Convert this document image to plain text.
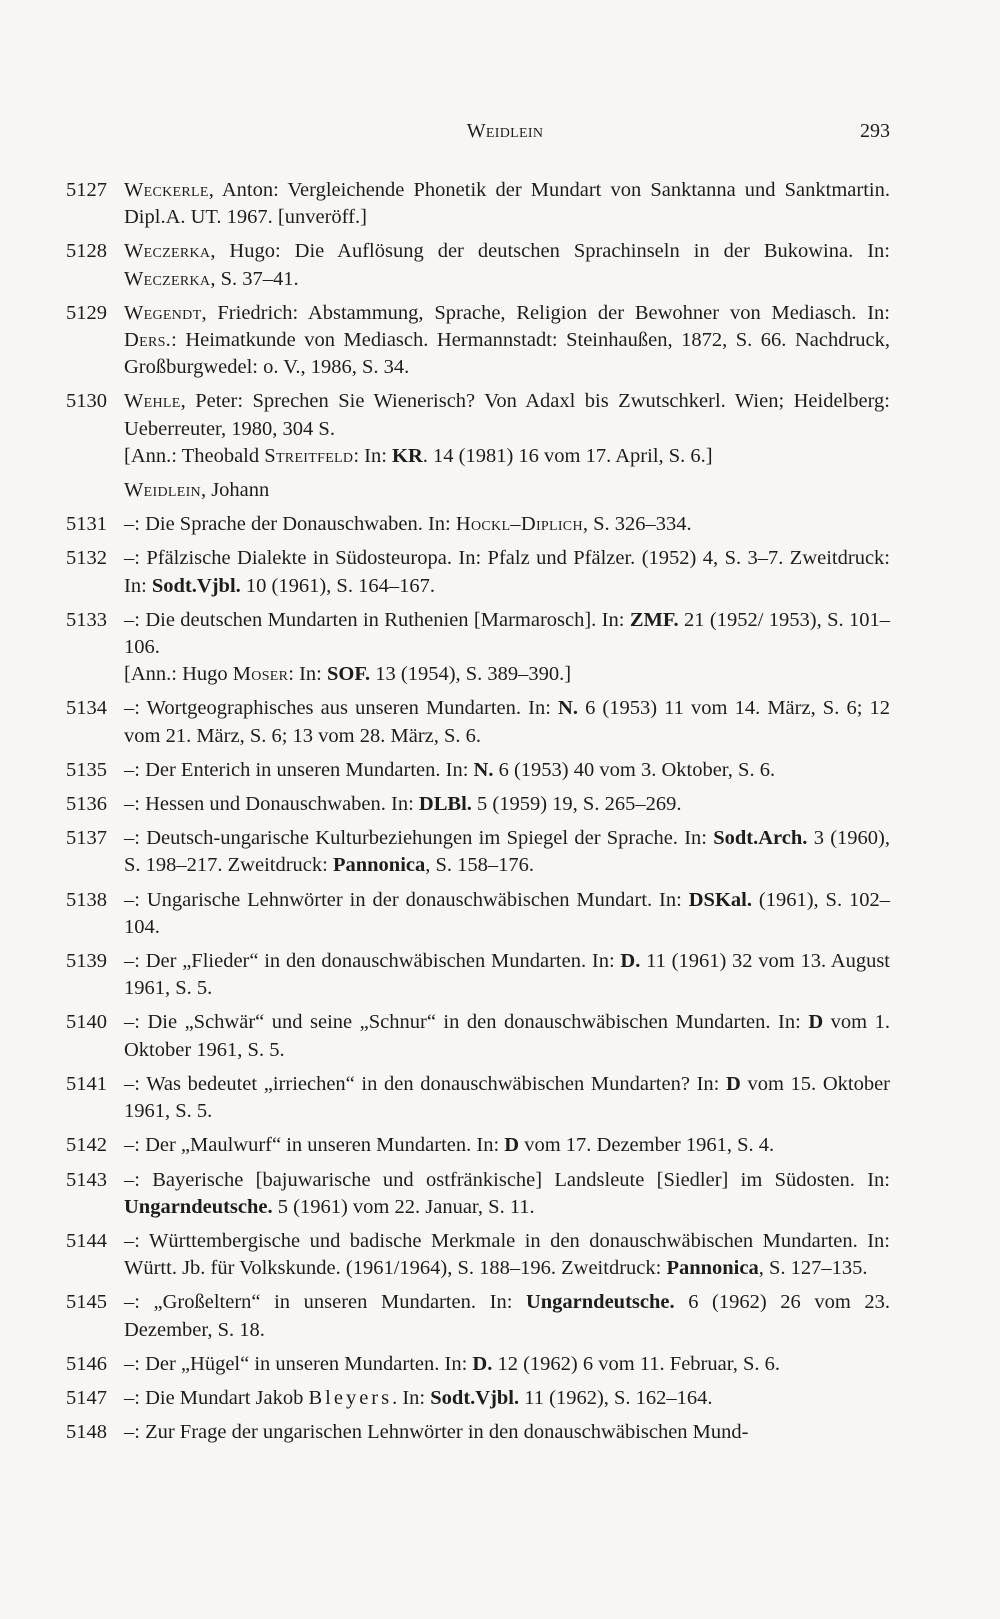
Weidlein	293
5127 Weckerle, Anton: Vergleichende Phonetik der Mundart von Sanktanna und Sanktmartin. Dipl.A. UT. 1967. [unveröff.]
5128 Weczerka, Hugo: Die Auflösung der deutschen Sprachinseln in der Bukowina. In: Weczerka, S. 37–41.
5129 Wegendt, Friedrich: Abstammung, Sprache, Religion der Bewohner von Mediasch. In: Ders.: Heimatkunde von Mediasch. Hermannstadt: Steinhaußen, 1872, S. 66. Nachdruck, Großburgwedel: o. V., 1986, S. 34.
5130 Wehle, Peter: Sprechen Sie Wienerisch? Von Adaxl bis Zwutschkerl. Wien; Heidelberg: Ueberreuter, 1980, 304 S.
[Ann.: Theobald Streitfeld: In: KR. 14 (1981) 16 vom 17. April, S. 6.]
Weidlein, Johann
5131 –: Die Sprache der Donauschwaben. In: Hockl–Diplich, S. 326–334.
5132 –: Pfälzische Dialekte in Südosteuropa. In: Pfalz und Pfälzer. (1952) 4, S. 3–7. Zweitdruck: In: Sodt.Vjbl. 10 (1961), S. 164–167.
5133 –: Die deutschen Mundarten in Ruthenien [Marmarosch]. In: ZMF. 21 (1952/ 1953), S. 101–106.
[Ann.: Hugo Moser: In: SOF. 13 (1954), S. 389–390.]
5134 –: Wortgeographisches aus unseren Mundarten. In: N. 6 (1953) 11 vom 14. März, S. 6; 12 vom 21. März, S. 6; 13 vom 28. März, S. 6.
5135 –: Der Enterich in unseren Mundarten. In: N. 6 (1953) 40 vom 3. Oktober, S. 6.
5136 –: Hessen und Donauschwaben. In: DLBl. 5 (1959) 19, S. 265–269.
5137 –: Deutsch-ungarische Kulturbeziehungen im Spiegel der Sprache. In: Sodt.Arch. 3 (1960), S. 198–217. Zweitdruck: Pannonica, S. 158–176.
5138 –: Ungarische Lehnwörter in der donauschwäbischen Mundart. In: DSKal. (1961), S. 102–104.
5139 –: Der „Flieder“ in den donauschwäbischen Mundarten. In: D. 11 (1961) 32 vom 13. August 1961, S. 5.
5140 –: Die „Schwär“ und seine „Schnur“ in den donauschwäbischen Mundarten. In: D vom 1. Oktober 1961, S. 5.
5141 –: Was bedeutet „irriechen“ in den donauschwäbischen Mundarten? In: D vom 15. Oktober 1961, S. 5.
5142 –: Der „Maulwurf“ in unseren Mundarten. In: D vom 17. Dezember 1961, S. 4.
5143 –: Bayerische [bajuwarische und ostfränkische] Landsleute [Siedler] im Südosten. In: Ungarndeutsche. 5 (1961) vom 22. Januar, S. 11.
5144 –: Württembergische und badische Merkmale in den donauschwäbischen Mundarten. In: Württ. Jb. für Volkskunde. (1961/1964), S. 188–196. Zweitdruck: Pannonica, S. 127–135.
5145 –: „Großeltern“ in unseren Mundarten. In: Ungarndeutsche. 6 (1962) 26 vom 23. Dezember, S. 18.
5146 –: Der „Hügel“ in unseren Mundarten. In: D. 12 (1962) 6 vom 11. Februar, S. 6.
5147 –: Die Mundart Jakob Bleyers. In: Sodt.Vjbl. 11 (1962), S. 162–164.
5148 –: Zur Frage der ungarischen Lehnwörter in den donauschwäbischen Mund-
